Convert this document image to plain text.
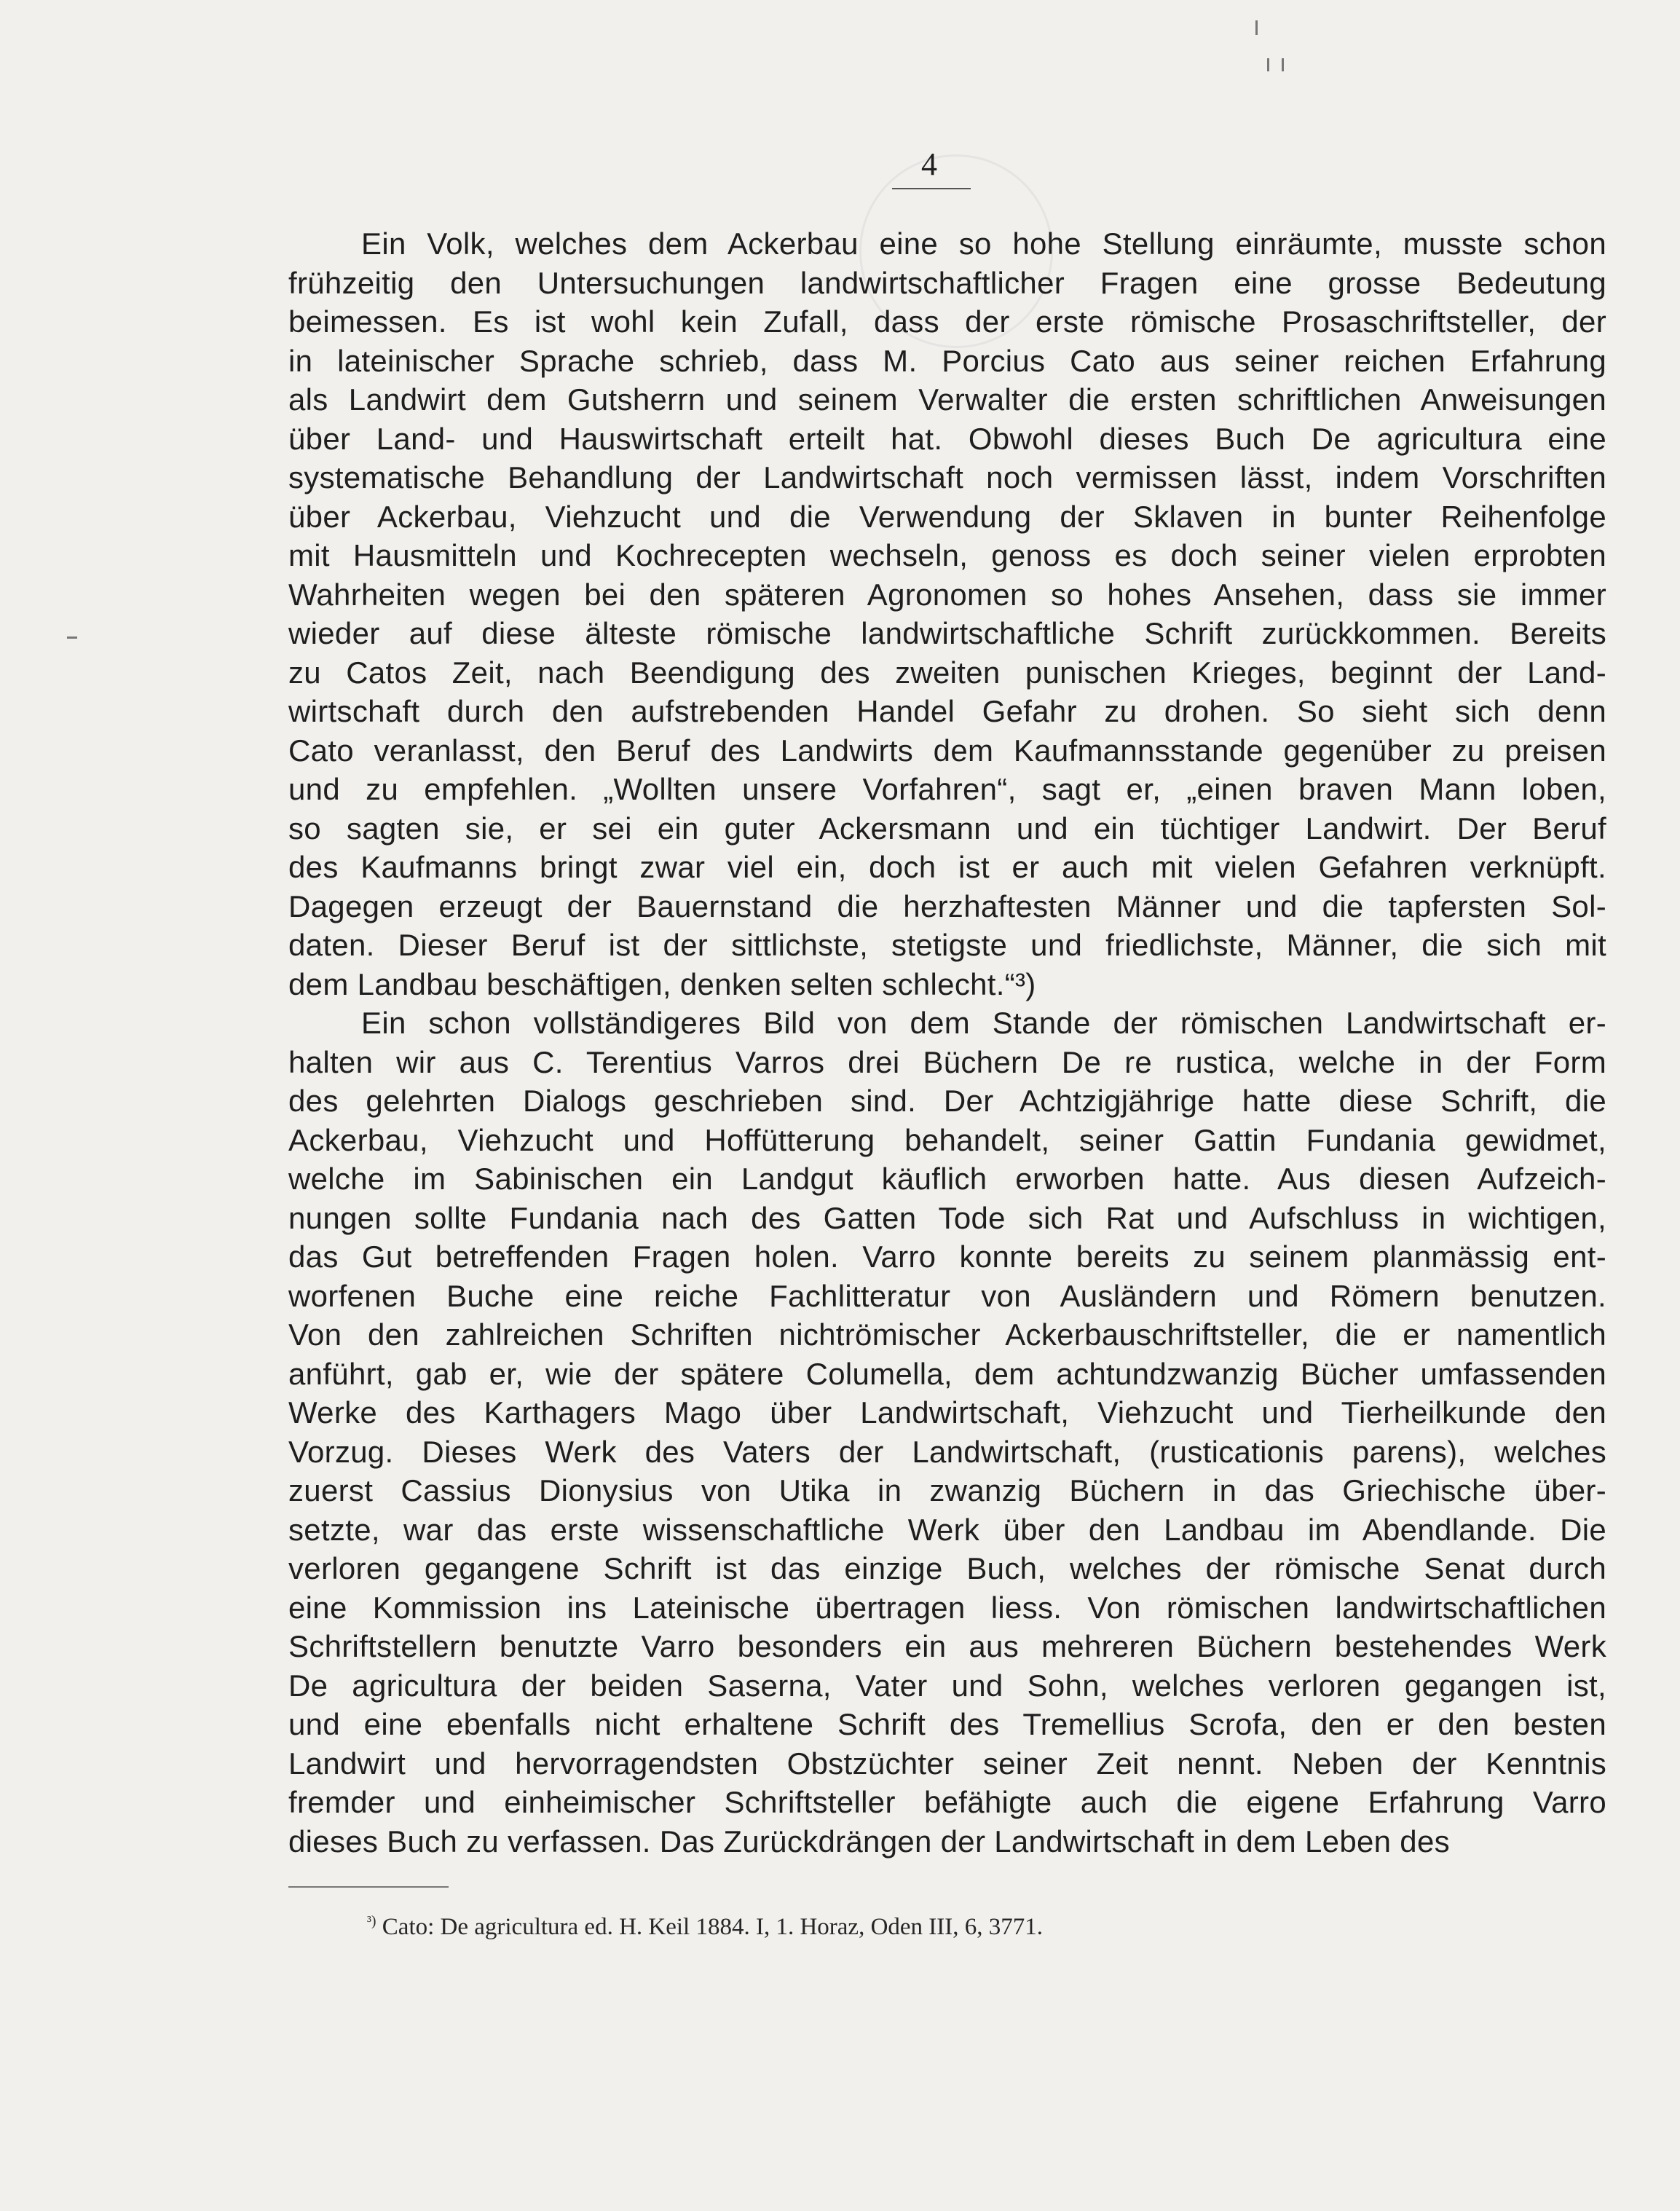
4
Ein Volk, welches dem Ackerbau eine so hohe Stellung einräumte, musste schon
frühzeitig den Untersuchungen landwirtschaftlicher Fragen eine grosse Bedeutung
beimessen. Es ist wohl kein Zufall, dass der erste römische Prosaschriftsteller, der
in lateinischer Sprache schrieb, dass M. Porcius Cato aus seiner reichen Erfahrung
als Landwirt dem Gutsherrn und seinem Verwalter die ersten schriftlichen Anweisungen
über Land- und Hauswirtschaft erteilt hat. Obwohl dieses Buch De agricultura eine
systematische Behandlung der Landwirtschaft noch vermissen lässt, indem Vorschriften
über Ackerbau, Viehzucht und die Verwendung der Sklaven in bunter Reihenfolge
mit Hausmitteln und Kochrecepten wechseln, genoss es doch seiner vielen erprobten
Wahrheiten wegen bei den späteren Agronomen so hohes Ansehen, dass sie immer
wieder auf diese älteste römische landwirtschaftliche Schrift zurückkommen. Bereits
zu Catos Zeit, nach Beendigung des zweiten punischen Krieges, beginnt der Land-
wirtschaft durch den aufstrebenden Handel Gefahr zu drohen. So sieht sich denn
Cato veranlasst, den Beruf des Landwirts dem Kaufmannsstande gegenüber zu preisen
und zu empfehlen. „Wollten unsere Vorfahren“, sagt er, „einen braven Mann loben,
so sagten sie, er sei ein guter Ackersmann und ein tüchtiger Landwirt. Der Beruf
des Kaufmanns bringt zwar viel ein, doch ist er auch mit vielen Gefahren verknüpft.
Dagegen erzeugt der Bauernstand die herzhaftesten Männer und die tapfersten Sol-
daten. Dieser Beruf ist der sittlichste, stetigste und friedlichste, Männer, die sich mit
dem Landbau beschäftigen, denken selten schlecht.“³)
Ein schon vollständigeres Bild von dem Stande der römischen Landwirtschaft er-
halten wir aus C. Terentius Varros drei Büchern De re rustica, welche in der Form
des gelehrten Dialogs geschrieben sind. Der Achtzigjährige hatte diese Schrift, die
Ackerbau, Viehzucht und Hoffütterung behandelt, seiner Gattin Fundania gewidmet,
welche im Sabinischen ein Landgut käuflich erworben hatte. Aus diesen Aufzeich-
nungen sollte Fundania nach des Gatten Tode sich Rat und Aufschluss in wichtigen,
das Gut betreffenden Fragen holen. Varro konnte bereits zu seinem planmässig ent-
worfenen Buche eine reiche Fachlitteratur von Ausländern und Römern benutzen.
Von den zahlreichen Schriften nichtrömischer Ackerbauschriftsteller, die er namentlich
anführt, gab er, wie der spätere Columella, dem achtundzwanzig Bücher umfassenden
Werke des Karthagers Mago über Landwirtschaft, Viehzucht und Tierheilkunde den
Vorzug. Dieses Werk des Vaters der Landwirtschaft, (rusticationis parens), welches
zuerst Cassius Dionysius von Utika in zwanzig Büchern in das Griechische über-
setzte, war das erste wissenschaftliche Werk über den Landbau im Abendlande. Die
verloren gegangene Schrift ist das einzige Buch, welches der römische Senat durch
eine Kommission ins Lateinische übertragen liess. Von römischen landwirtschaftlichen
Schriftstellern benutzte Varro besonders ein aus mehreren Büchern bestehendes Werk
De agricultura der beiden Saserna, Vater und Sohn, welches verloren gegangen ist,
und eine ebenfalls nicht erhaltene Schrift des Tremellius Scrofa, den er den besten
Landwirt und hervorragendsten Obstzüchter seiner Zeit nennt. Neben der Kenntnis
fremder und einheimischer Schriftsteller befähigte auch die eigene Erfahrung Varro
dieses Buch zu verfassen. Das Zurückdrängen der Landwirtschaft in dem Leben des
$^{^3)}$ Cato: De agricultura ed. H. Keil 1884. I, 1. Horaz, Oden III, 6, 3771.
